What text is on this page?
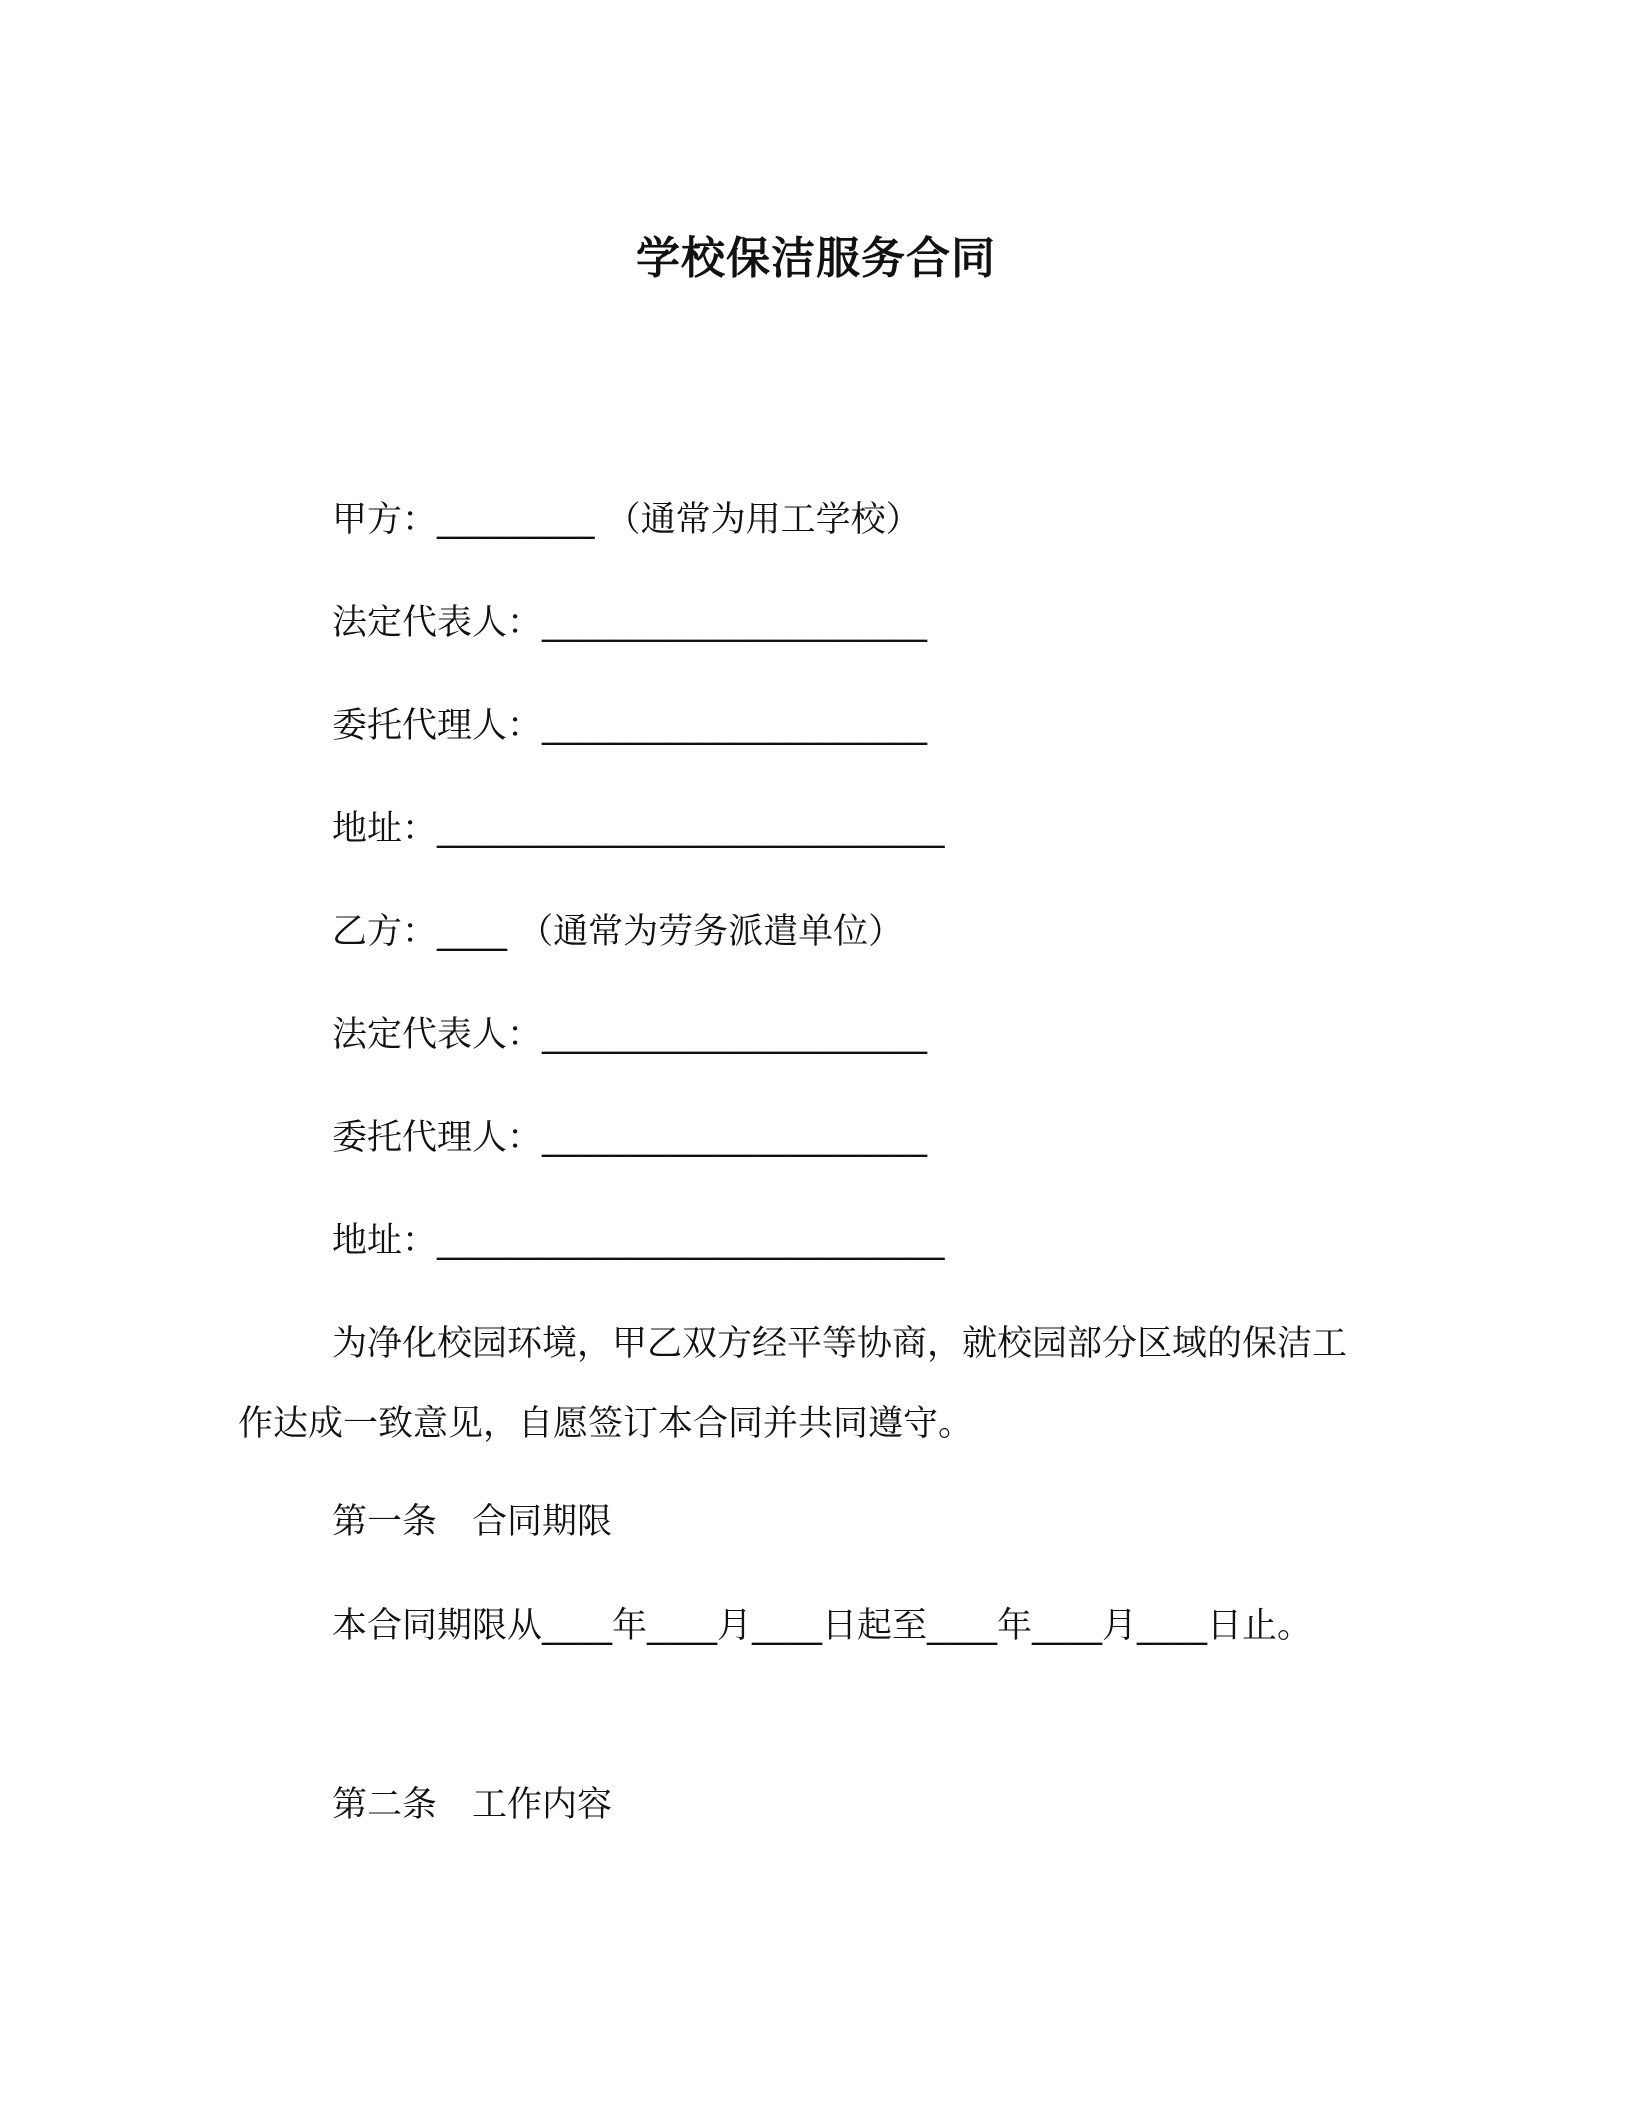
学校保洁服务合同
甲方：_________ （通常为用工学校）
法定代表人：______________________
委托代理人：______________________
地址：_____________________________
乙方：____ （通常为劳务派遣单位）
法定代表人：______________________
委托代理人：______________________
地址：_____________________________
为净化校园环境，甲乙双方经平等协商，就校园部分区域的保洁工作达成一致意见，自愿签订本合同并共同遵守。
第一条　合同期限
本合同期限从____年____月____日起至____年____月____日止。
第二条　工作内容
